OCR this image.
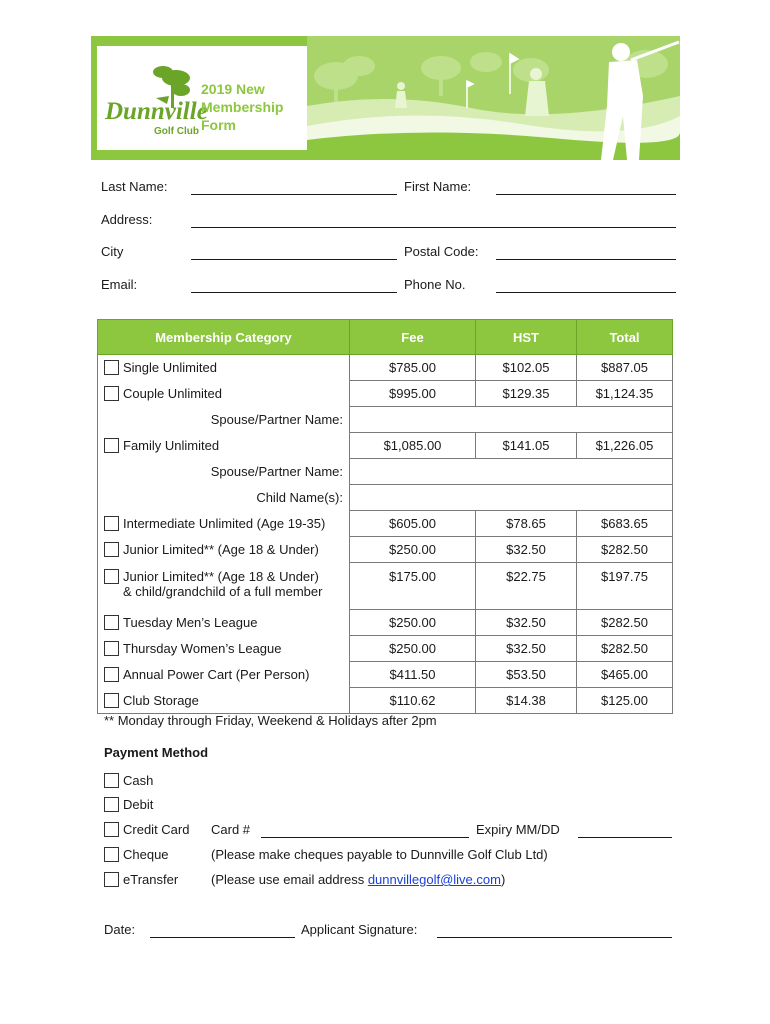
Dunnville
Golf Club
2019 New
Membership
Form
Last Name:	First Name:
Address:
City	Postal Code:
Email:	Phone No.
Membership Category	Fee	HST	Total
Single Unlimited	$785.00	$102.05	$887.05
Couple Unlimited	$995.00	$129.35	$1,124.35
Spouse/Partner Name:			
Family Unlimited	$1,085.00	$141.05	$1,226.05
Spouse/Partner Name:			
Child Name(s):			
Intermediate Unlimited (Age 19-35)	$605.00	$78.65	$683.65
Junior Limited** (Age 18 & Under)	$250.00	$32.50	$282.50
Junior Limited** (Age 18 & Under)
& child/grandchild of a full member	$175.00	$22.75	$197.75
Tuesday Men’s League	$250.00	$32.50	$282.50
Thursday Women’s League	$250.00	$32.50	$282.50
Annual Power Cart (Per Person)	$411.50	$53.50	$465.00
Club Storage	$110.62	$14.38	$125.00
** Monday through Friday, Weekend & Holidays after 2pm
Payment Method
Cash
Debit
Credit Card Card #	Expiry MM/DD
Cheque	(Please make cheques payable to Dunnville Golf Club Ltd)
eTransfer	(Please use email address dunnvillegolf@live.com)
Date:	Applicant Signature:
